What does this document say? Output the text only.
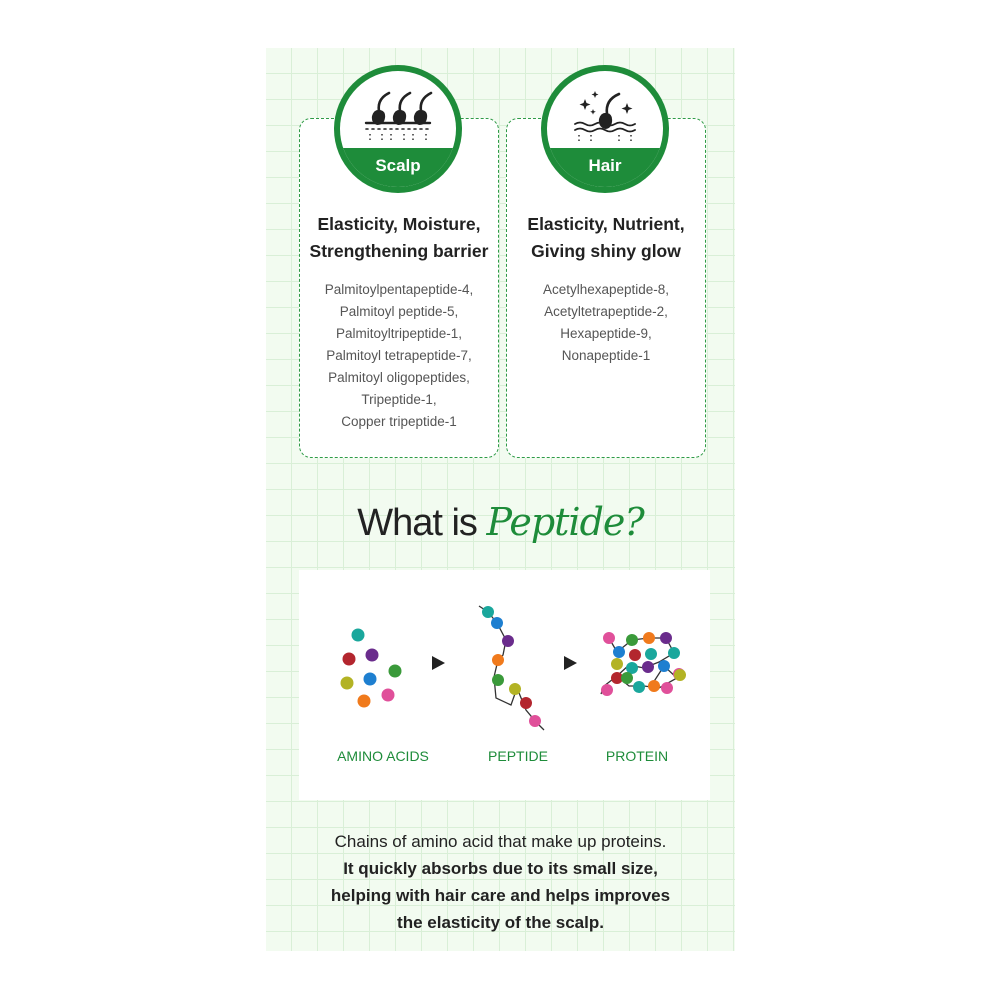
Elasticity, Moisture,
Strengthening barrier
Palmitoylpentapeptide-4,
Palmitoyl peptide-5,
Palmitoyltripeptide-1,
Palmitoyl tetrapeptide-7,
Palmitoyl oligopeptides,
Tripeptide-1,
Copper tripeptide-1
Scalp
Elasticity, Nutrient,
Giving shiny glow
Acetylhexapeptide-8,
Acetyltetrapeptide-2,
Hexapeptide-9,
Nonapeptide-1
Hair
What is Peptide?
AMINO ACIDS	PEPTIDE	PROTEIN
Chains of amino acid that make up proteins.
It quickly absorbs due to its small size,
helping with hair care and helps improves
the elasticity of the scalp.
